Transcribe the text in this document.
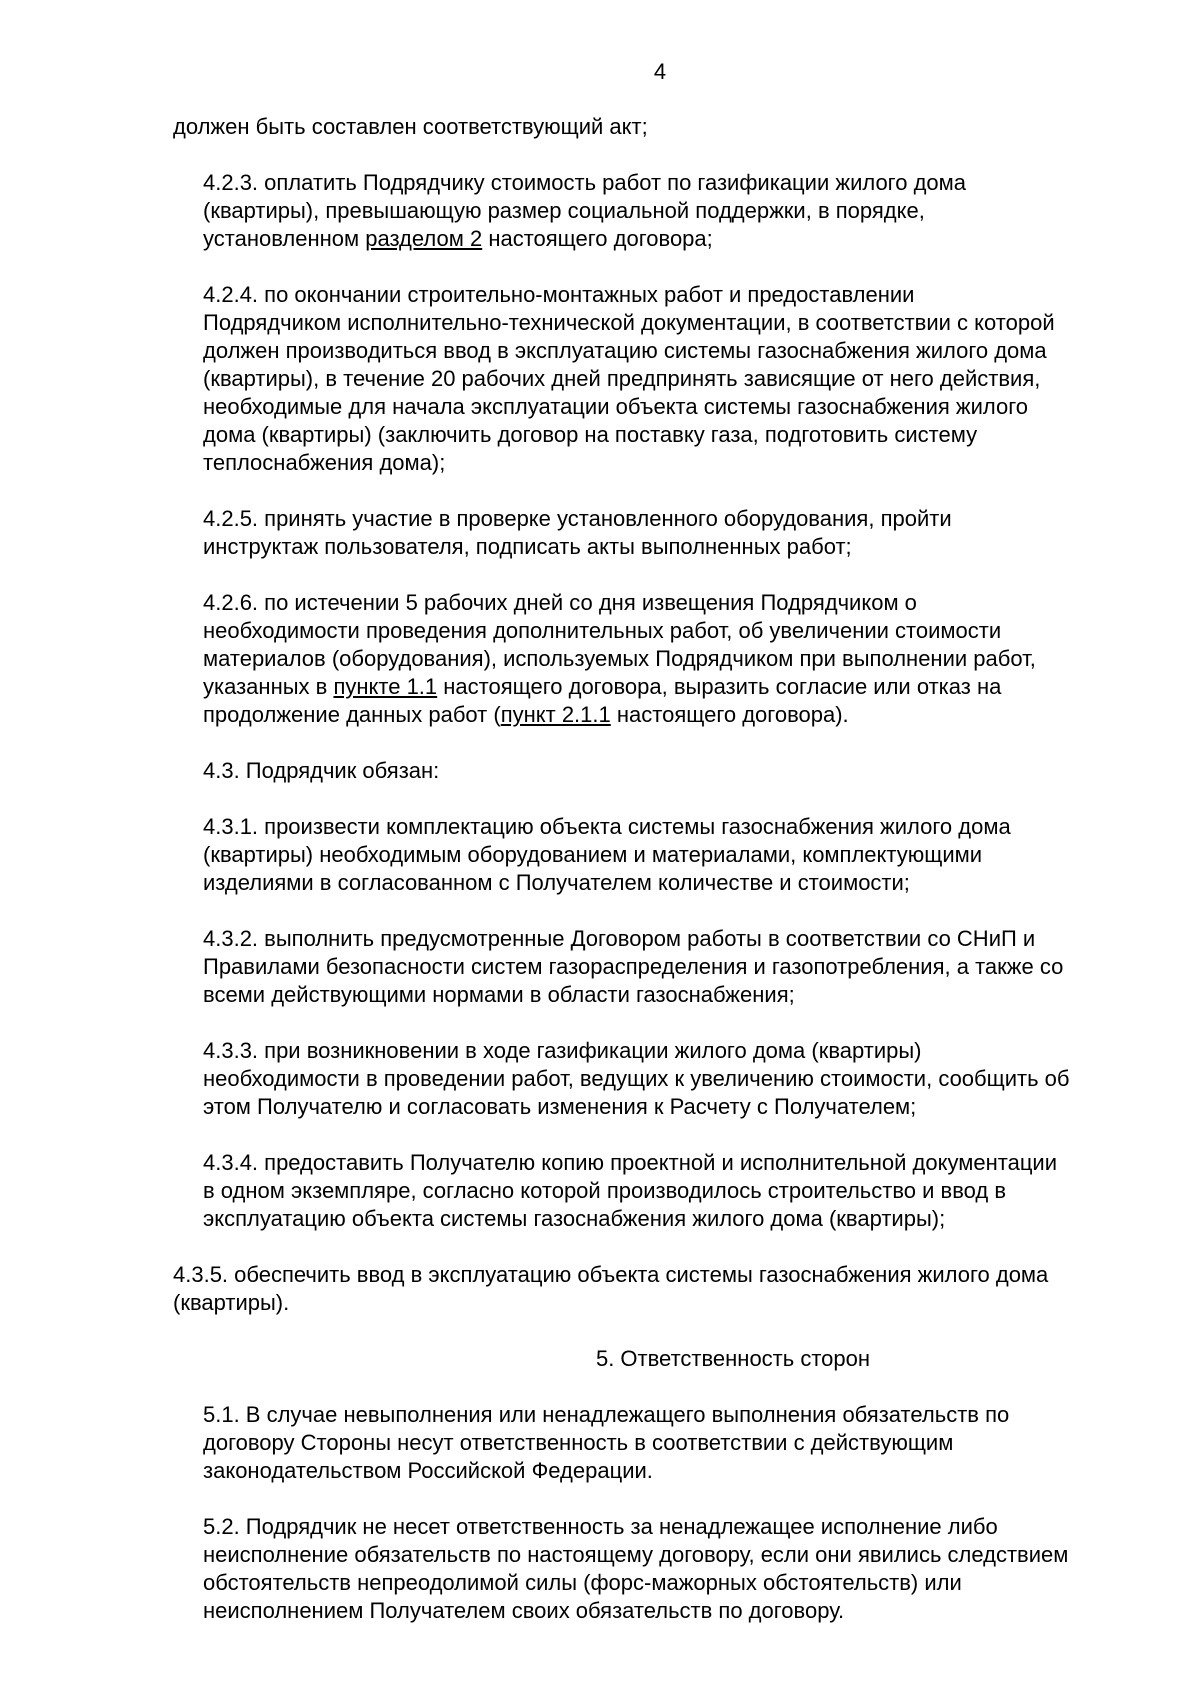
4
должен быть составлен соответствующий акт;
4.2.3. оплатить Подрядчику стоимость работ по газификации жилого дома
(квартиры), превышающую размер социальной поддержки, в порядке,
установленном разделом 2 настоящего договора;
4.2.4. по окончании строительно-монтажных работ и предоставлении
Подрядчиком исполнительно-технической документации, в соответствии с которой
должен производиться ввод в эксплуатацию системы газоснабжения жилого дома
(квартиры), в течение 20 рабочих дней предпринять зависящие от него действия,
необходимые для начала эксплуатации объекта системы газоснабжения жилого
дома (квартиры) (заключить договор на поставку газа, подготовить систему
теплоснабжения дома);
4.2.5. принять участие в проверке установленного оборудования, пройти
инструктаж пользователя, подписать акты выполненных работ;
4.2.6. по истечении 5 рабочих дней со дня извещения Подрядчиком о
необходимости проведения дополнительных работ, об увеличении стоимости
материалов (оборудования), используемых Подрядчиком при выполнении работ,
указанных в пункте 1.1 настоящего договора, выразить согласие или отказ на
продолжение данных работ (пункт 2.1.1 настоящего договора).
4.3. Подрядчик обязан:
4.3.1. произвести комплектацию объекта системы газоснабжения жилого дома
(квартиры) необходимым оборудованием и материалами, комплектующими
изделиями в согласованном с Получателем количестве и стоимости;
4.3.2. выполнить предусмотренные Договором работы в соответствии со СНиП и
Правилами безопасности систем газораспределения и газопотребления, а также со
всеми действующими нормами в области газоснабжения;
4.3.3. при возникновении в ходе газификации жилого дома (квартиры)
необходимости в проведении работ, ведущих к увеличению стоимости, сообщить об
этом Получателю и согласовать изменения к Расчету с Получателем;
4.3.4. предоставить Получателю копию проектной и исполнительной документации
в одном экземпляре, согласно которой производилось строительство и ввод в
эксплуатацию объекта системы газоснабжения жилого дома (квартиры);
4.3.5. обеспечить ввод в эксплуатацию объекта системы газоснабжения жилого дома
(квартиры).
5. Ответственность сторон
5.1. В случае невыполнения или ненадлежащего выполнения обязательств по
договору Стороны несут ответственность в соответствии с действующим
законодательством Российской Федерации.
5.2. Подрядчик не несет ответственность за ненадлежащее исполнение либо
неисполнение обязательств по настоящему договору, если они явились следствием
обстоятельств непреодолимой силы (форс-мажорных обстоятельств) или
неисполнением Получателем своих обязательств по договору.
